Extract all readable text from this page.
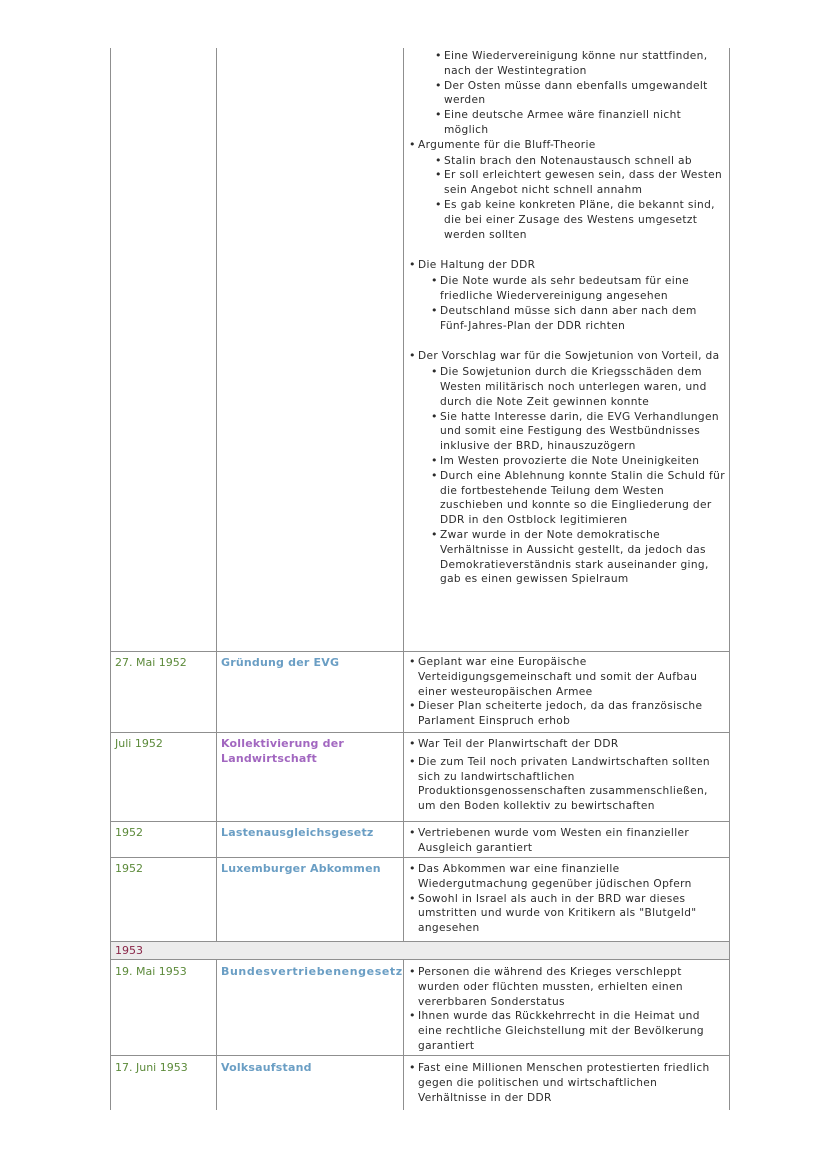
• Eine Wiedervereinigung könne nur stattfinden, nach der Westintegration
• Der Osten müsse dann ebenfalls umgewandelt werden
• Eine deutsche Armee wäre finanziell nicht möglich
• Argumente für die Bluff-Theorie
• Stalin brach den Notenaustausch schnell ab
• Er soll erleichtert gewesen sein, dass der Westen sein Angebot nicht schnell annahm
• Es gab keine konkreten Pläne, die bekannt sind, die bei einer Zusage des Westens umgesetzt werden sollten
• Die Haltung der DDR
• Die Note wurde als sehr bedeutsam für eine friedliche Wiedervereinigung angesehen
• Deutschland müsse sich dann aber nach dem Fünf-Jahres-Plan der DDR richten
• Der Vorschlag war für die Sowjetunion von Vorteil, da
• Die Sowjetunion durch die Kriegsschäden dem Westen militärisch noch unterlegen waren, und durch die Note Zeit gewinnen konnte
• Sie hatte Interesse darin, die EVG Verhandlungen und somit eine Festigung des Westbündnisses inklusive der BRD, hinauszuzögern
• Im Westen provozierte die Note Uneinigkeiten
• Durch eine Ablehnung konnte Stalin die Schuld für die fortbestehende Teilung dem Westen zuschieben und konnte so die Eingliederung der DDR in den Ostblock legitimieren
• Zwar wurde in der Note demokratische Verhältnisse in Aussicht gestellt, da jedoch das Demokratieverständnis stark auseinander ging, gab es einen gewissen Spielraum
27. Mai 1952	Gründung der EVG	• Geplant war eine Europäische Verteidigungsgemeinschaft und somit der Aufbau einer westeuropäischen Armee
• Dieser Plan scheiterte jedoch, da das französische Parlament Einspruch erhob
Juli 1952	Kollektivierung der Landwirtschaft
• War Teil der Planwirtschaft der DDR
• Die zum Teil noch privaten Landwirtschaften sollten sich zu landwirtschaftlichen Produktionsgenossenschaften zusammenschließen, um den Boden kollektiv zu bewirtschaften
1952	Lastenausgleichsgesetz	• Vertriebenen wurde vom Westen ein finanzieller Ausgleich garantiert
1952	Luxemburger Abkommen	• Das Abkommen war eine finanzielle Wiedergutmachung gegenüber jüdischen Opfern
• Sowohl in Israel als auch in der BRD war dieses umstritten und wurde von Kritikern als "Blutgeld" angesehen
1953
19. Mai 1953	Bundesvertriebenengesetz	• Personen die während des Krieges verschleppt wurden oder flüchten mussten, erhielten einen vererbbaren Sonderstatus
• Ihnen wurde das Rückkehrrecht in die Heimat und eine rechtliche Gleichstellung mit der Bevölkerung garantiert
17. Juni 1953	Volksaufstand	• Fast eine Millionen Menschen protestierten friedlich gegen die politischen und wirtschaftlichen Verhältnisse in der DDR
